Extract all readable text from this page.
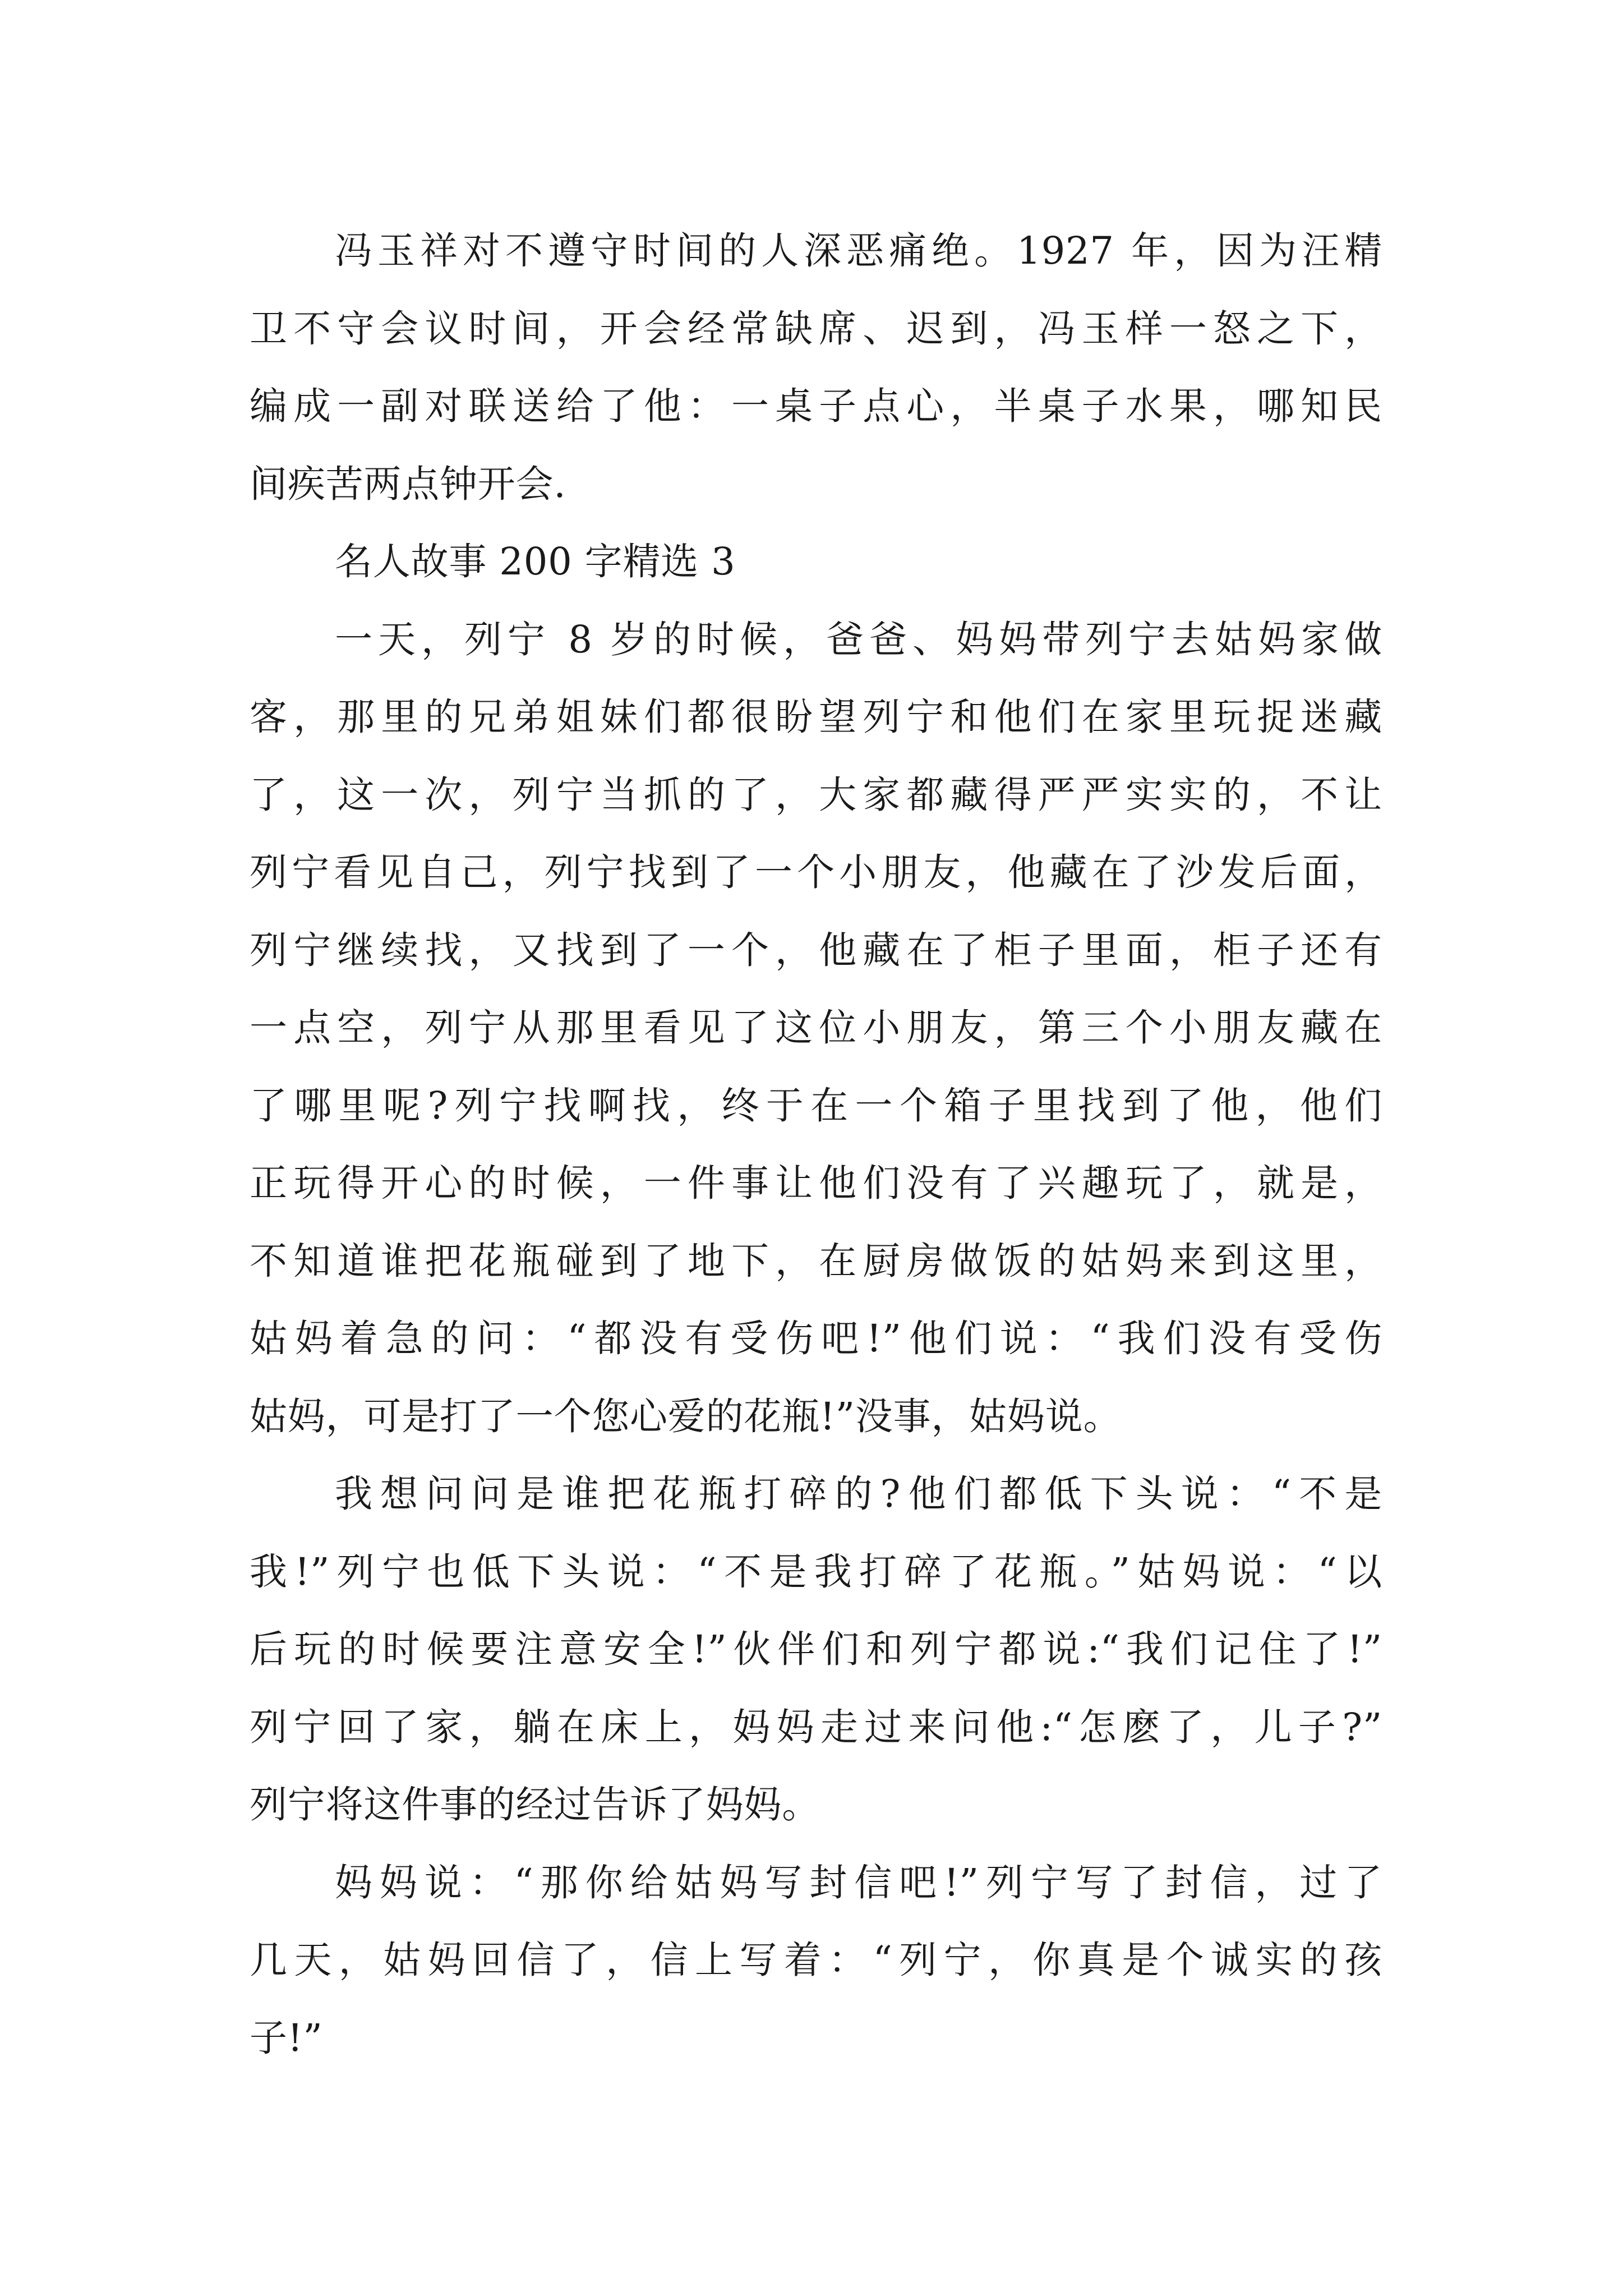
冯玉祥对不遵守时间的人深恶痛绝。1927 年，因为汪精
卫不守会议时间，开会经常缺席、迟到，冯玉样一怒之下，
编成一副对联送给了他：一桌子点心，半桌子水果，哪知民
间疾苦两点钟开会.

名人故事 200 字精选 3

一天，列宁 8 岁的时候，爸爸、妈妈带列宁去姑妈家做
客，那里的兄弟姐妹们都很盼望列宁和他们在家里玩捉迷藏
了，这一次，列宁当抓的了，大家都藏得严严实实的，不让
列宁看见自己，列宁找到了一个小朋友，他藏在了沙发后面，
列宁继续找，又找到了一个，他藏在了柜子里面，柜子还有
一点空，列宁从那里看见了这位小朋友，第三个小朋友藏在
了哪里呢?列宁找啊找，终于在一个箱子里找到了他，他们
正玩得开心的时候，一件事让他们没有了兴趣玩了，就是，
不知道谁把花瓶碰到了地下，在厨房做饭的姑妈来到这里，
姑妈着急的问：“都没有受伤吧!”他们说：“我们没有受伤
姑妈，可是打了一个您心爱的花瓶!”没事，姑妈说。

我想问问是谁把花瓶打碎的?他们都低下头说：“不是
我!”列宁也低下头说：“不是我打碎了花瓶。”姑妈说：“以
后玩的时候要注意安全!”伙伴们和列宁都说:“我们记住了!”
列宁回了家，躺在床上，妈妈走过来问他:“怎麽了，儿子?”
列宁将这件事的经过告诉了妈妈。

妈妈说：“那你给姑妈写封信吧!”列宁写了封信，过了
几天，姑妈回信了，信上写着：“列宁，你真是个诚实的孩
子!”
